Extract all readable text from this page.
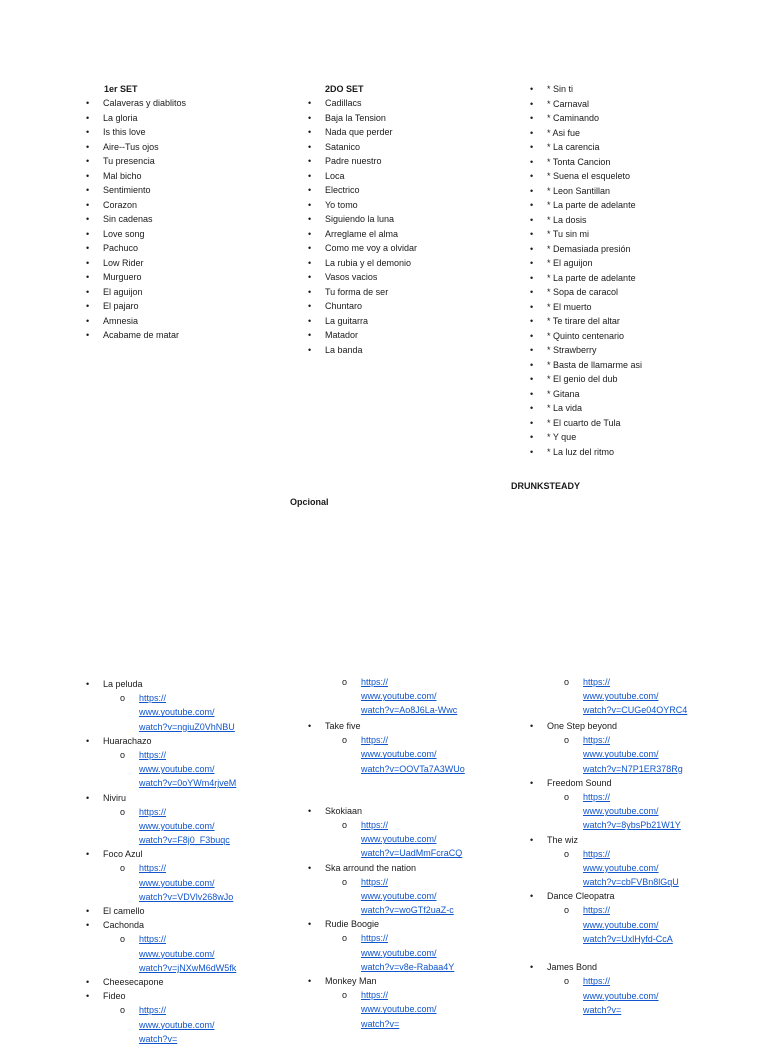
1er SET
• Calaveras y diablitos
• La gloria
• Is this love
• Aire--Tus ojos
• Tu presencia
• Mal bicho
• Sentimiento
• Corazon
• Sin cadenas
• Love song
• Pachuco
• Low Rider
• Murguero
• El aguijon
• El pajaro
• Amnesia
• Acabame de matar
2DO SET
• Cadillacs
• Baja la Tension
• Nada que perder
• Satanico
• Padre nuestro
• Loca
• Electrico
• Yo tomo
• Siguiendo la luna
• Arreglame el alma
• Como me voy a olvidar
• La rubia y el demonio
• Vasos vacios
• Tu forma de ser
• Chuntaro
• La guitarra
• Matador
• La banda
• * Sin ti
• * Carnaval
• * Caminando
• * Asi fue
• * La carencia
• * Tonta Cancion
• * Suena el esqueleto
• * Leon Santillan
• * La parte de adelante
• * La dosis
• * Tu sin mi
• * Demasiada presión
• * El aguijon
• * La parte de adelante
• * Sopa de caracol
• * El muerto
• * Te tirare del altar
• * Quinto centenario
• * Strawberry
• * Basta de llamarme asi
• * El genio del dub
• * Gitana
• * La vida
• * El cuarto de Tula
• * Y que
• * La luz del ritmo
DRUNKSTEADY
Opcional
• La peluda
o https://
www.youtube.com/
watch?v=ngiuZ0VhNBU
• Huarachazo
o https://
www.youtube.com/
watch?v=0oYWm4rjveM
• Niviru
o https://
www.youtube.com/
watch?v=F8j0_F3buqc
• Foco Azul
o https://
www.youtube.com/
watch?v=VDVlv268wJo
• El camello
• Cachonda
o https://
www.youtube.com/
watch?v=jNXwM6dW5fk
• Cheesecapone
• Fideo
o https://
www.youtube.com/
watch?v=
o https://
www.youtube.com/
watch?v=Ao8J6La-Wwc
• Take five
o https://
www.youtube.com/
watch?v=OOVTa7A3WUo
• Skokiaan
o https://
www.youtube.com/
watch?v=UadMmFcraCQ
• Ska arround the nation
o https://
www.youtube.com/
watch?v=woGTf2uaZ-c
• Rudie Boogie
o https://
www.youtube.com/
watch?v=v8e-Rabaa4Y
• Monkey Man
o https://
www.youtube.com/
watch?v=
o https://
www.youtube.com/
watch?v=CUGe04OYRC4
• One Step beyond
o https://
www.youtube.com/
watch?v=N7P1ER378Rg
• Freedom Sound
o https://
www.youtube.com/
watch?v=8ybsPb21W1Y
• The wiz
o https://
www.youtube.com/
watch?v=cbFVBn8lGqU
• Dance Cleopatra
o https://
www.youtube.com/
watch?v=UxlHyfd-CcA
• James Bond
o https://
www.youtube.com/
watch?v=
